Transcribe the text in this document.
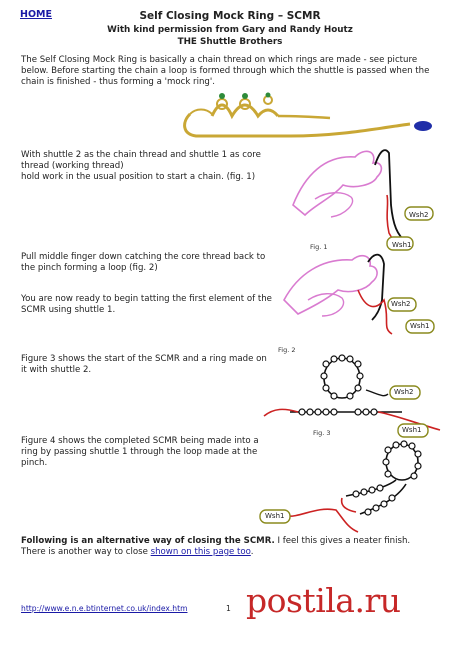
HOME	Self Closing Mock Ring – SCMR
With kind permission from Gary and Randy Houtz
THE Shuttle Brothers
The Self Closing Mock Ring is basically a chain thread on which rings are made - see picture below. Before starting the chain a loop is formed through which the shuttle is passed when the chain is finished - thus forming a 'mock ring'.
With shuttle 2 as the chain thread and shuttle 1 as core thread (working thread)
hold work in the usual position to start a chain. (fig. 1)
Wsh2
Wsh1
Fig. 1
Pull middle finger down catching the core thread back to the pinch forming a loop (fig. 2)
You are now ready to begin tatting the first element of the SCMR using shuttle 1.
Wsh2
Wsh1
Fig. 2
Figure 3 shows the start of the SCMR and a ring made on it with shuttle 2.
Wsh2
Wsh1
Fig. 3
Figure 4 shows the completed SCMR being made into a ring by passing shuttle 1 through the loop made at the pinch.
Wsh1
Following is an alternative way of closing the SCMR. I feel this gives a neater finish.
There is another way to close shown on this page too.
http://www.e.n.e.btinternet.co.uk/index.htm	1 postila.ru
